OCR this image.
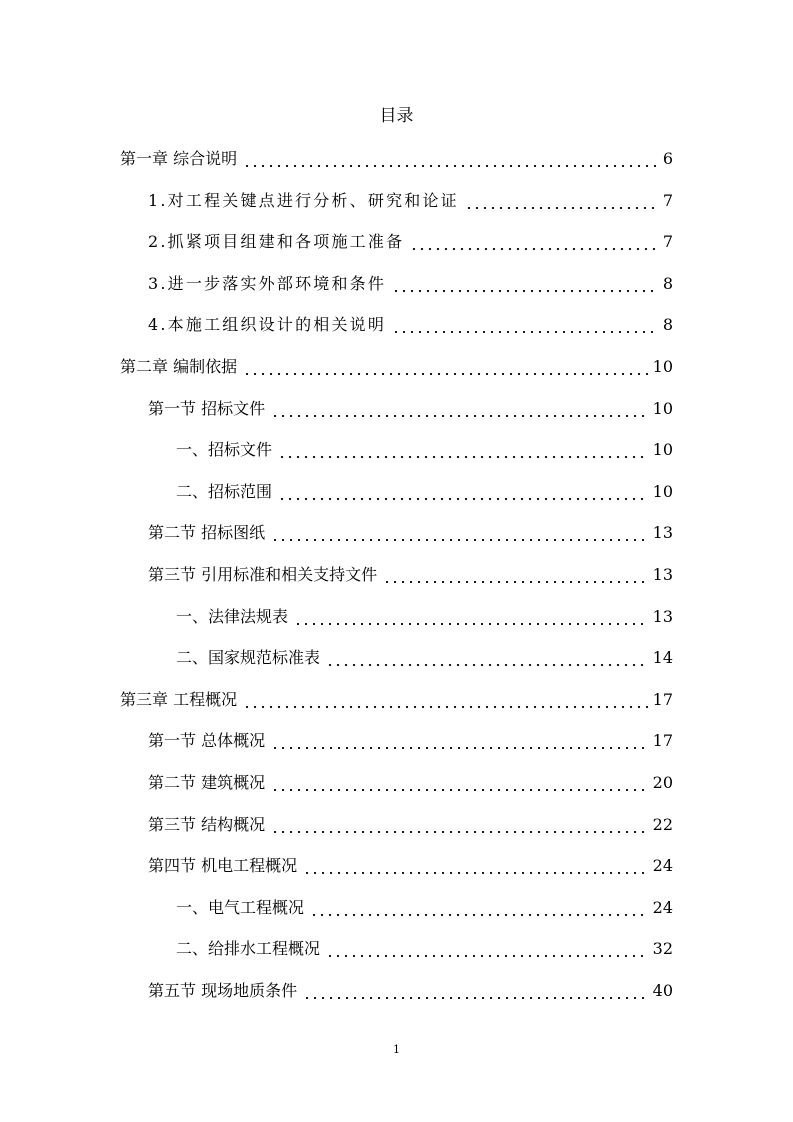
目录
第一章 综合说明	6
1.对工程关键点进行分析、研究和论证	7
2.抓紧项目组建和各项施工准备	7
3.进一步落实外部环境和条件	8
4.本施工组织设计的相关说明	8
第二章 编制依据	10
第一节 招标文件	10
一、招标文件	10
二、招标范围	10
第二节 招标图纸	13
第三节 引用标准和相关支持文件	13
一、法律法规表	13
二、国家规范标准表	14
第三章 工程概况	17
第一节 总体概况	17
第二节 建筑概况	20
第三节 结构概况	22
第四节 机电工程概况	24
一、电气工程概况	24
二、给排水工程概况	32
第五节 现场地质条件	40
1
